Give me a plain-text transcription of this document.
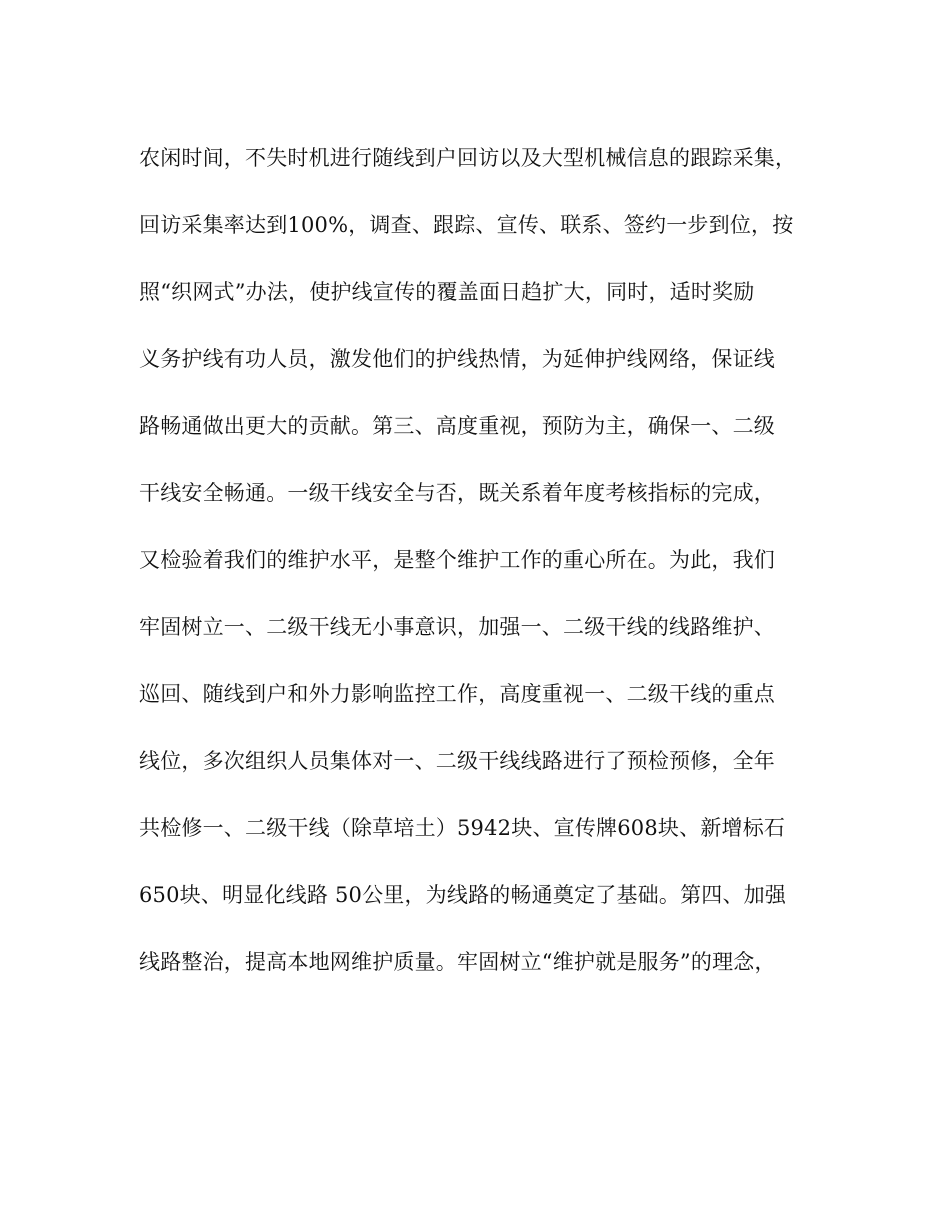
农闲时间，不失时机进行随线到户回访以及大型机械信息的跟踪采集，
回访采集率达到100%，调查、跟踪、宣传、联系、签约一步到位，按
照“织网式”办法，使护线宣传的覆盖面日趋扩大，同时，适时奖励
义务护线有功人员，激发他们的护线热情，为延伸护线网络，保证线
路畅通做出更大的贡献。第三、高度重视，预防为主，确保一、二级
干线安全畅通。一级干线安全与否，既关系着年度考核指标的完成，
又检验着我们的维护水平，是整个维护工作的重心所在。为此，我们
牢固树立一、二级干线无小事意识，加强一、二级干线的线路维护、
巡回、随线到户和外力影响监控工作，高度重视一、二级干线的重点
线位，多次组织人员集体对一、二级干线线路进行了预检预修，全年
共检修一、二级干线（除草培土）5942块、宣传牌608块、新增标石
650块、明显化线路 50公里，为线路的畅通奠定了基础。第四、加强
线路整治，提高本地网维护质量。牢固树立“维护就是服务”的理念，
